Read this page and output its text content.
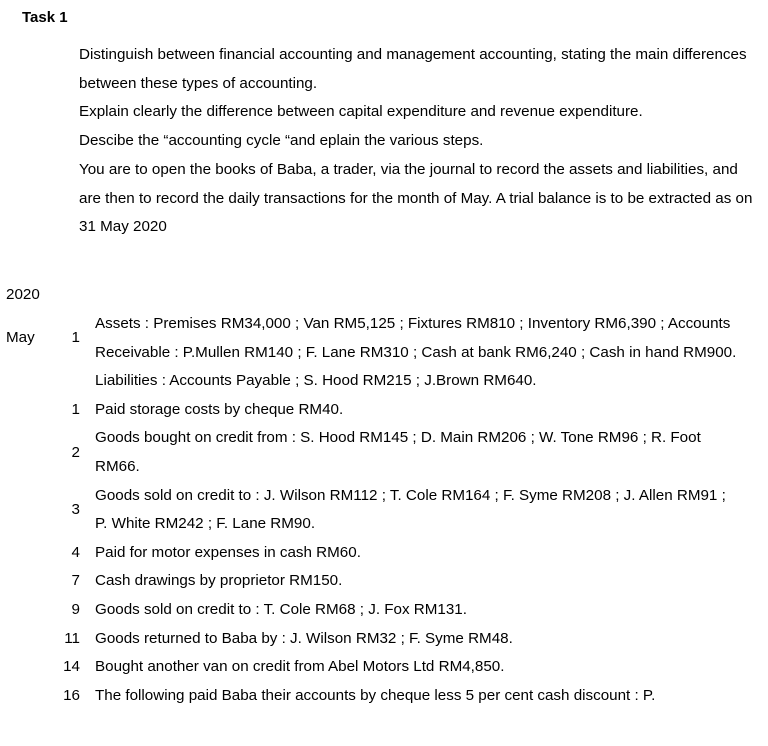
Task 1

Distinguish between financial accounting and management accounting, stating the main differences between these types of accounting.

Explain clearly the difference between capital expenditure and revenue expenditure.

Descibe the “accounting cycle “and eplain the various steps.

You are to open the books of Baba, a trader, via the journal to record the assets and liabilities, and are then to record the daily transactions for the month of May. A trial balance is to be extracted as on 31 May 2020

2020
May	1
Assets : Premises RM34,000 ; Van RM5,125 ; Fixtures RM810 ; Inventory RM6,390 ; Accounts Receivable : P.Mullen RM140 ; F. Lane RM310 ; Cash at bank RM6,240 ; Cash in hand RM900.
Liabilities : Accounts Payable ; S. Hood RM215 ; J.Brown RM640.
1 Paid storage costs by cheque RM40.
2
Goods bought on credit from : S. Hood RM145 ; D. Main RM206 ; W. Tone RM96 ; R. Foot RM66.
3
Goods sold on credit to : J. Wilson RM112 ; T. Cole RM164 ; F. Syme RM208 ; J. Allen RM91 ; P. White RM242 ; F. Lane RM90.
4 Paid for motor expenses in cash RM60.
7 Cash drawings by proprietor RM150.
9 Goods sold on credit to : T. Cole RM68 ; J. Fox RM131.
11 Goods returned to Baba by : J. Wilson RM32 ; F. Syme RM48.
14 Bought another van on credit from Abel Motors Ltd RM4,850.
16 The following paid Baba their accounts by cheque less 5 per cent cash discount : P.
